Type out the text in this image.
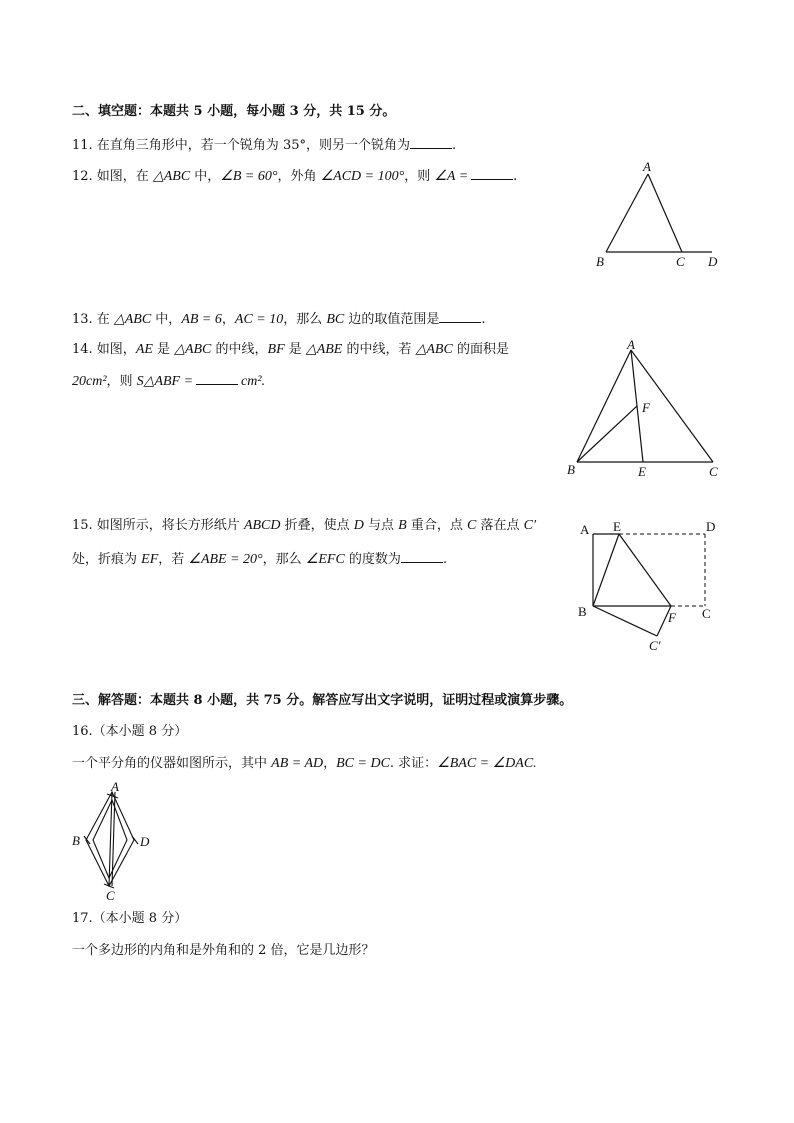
二、填空题：本题共 5 小题，每小题 3 分，共 15 分。
11. 在直角三角形中，若一个锐角为 35°，则另一个锐角为	.
12. 如图，在 △ABC 中，∠B = 60°，外角 ∠ACD = 100°，则 ∠A =	.
A
B	C D
13. 在 △ABC 中，AB = 6，AC = 10，那么 BC 边的取值范围是	.
14. 如图，AE 是 △ABC 的中线，BF 是 △ABE 的中线，若 △ABC 的面积是
20cm²，则 S△ABF =	cm².
A
B	C
E
F
15. 如图所示，将长方形纸片 ABCD 折叠，使点 D 与点 B 重合，点 C 落在点 C′
处，折痕为 EF，若 ∠ABE = 20°，那么 ∠EFC 的度数为	.
A E	D
B	C
F
C′
三、解答题：本题共 8 小题，共 75 分。解答应写出文字说明，证明过程或演算步骤。
16.（本小题 8 分）
一个平分角的仪器如图所示，其中 AB = AD，BC = DC. 求证：∠BAC = ∠DAC.
A
B
C
D
17.（本小题 8 分）
一个多边形的内角和是外角和的 2 倍，它是几边形？
